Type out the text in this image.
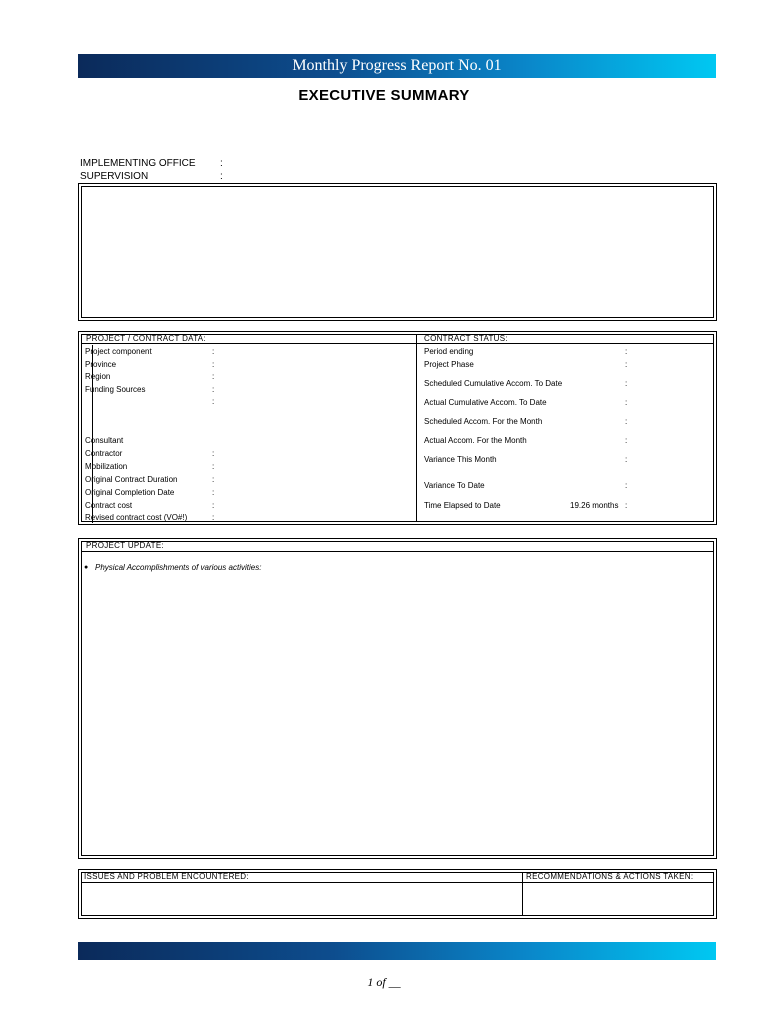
Monthly Progress Report No. 01
EXECUTIVE SUMMARY
IMPLEMENTING OFFICE :
SUPERVISION	:
PROJECT / CONTRACT DATA:	CONTRACT STATUS:
Project component	:
Province	:
Region	:
Funding Sources	:
:
Consultant
Contractor	:
Mobilization	:
Original Contract Duration	:
Original Completion Date	:
Contract cost	:
Revised contract cost (VO#!)	:
Period ending	:
Project Phase	:
Scheduled Cumulative Accom. To Date	:
Actual Cumulative Accom. To Date	:
Scheduled Accom. For the Month	:
Actual Accom. For the Month	:
Variance This Month	:
Variance To Date	:
Time Elapsed to Date	19.26 months :
PROJECT UPDATE:
● Physical Accomplishments of various activities:
ISSUES AND PROBLEM ENCOUNTERED:	RECOMMENDATIONS & ACTIONS TAKEN:
1 of __
